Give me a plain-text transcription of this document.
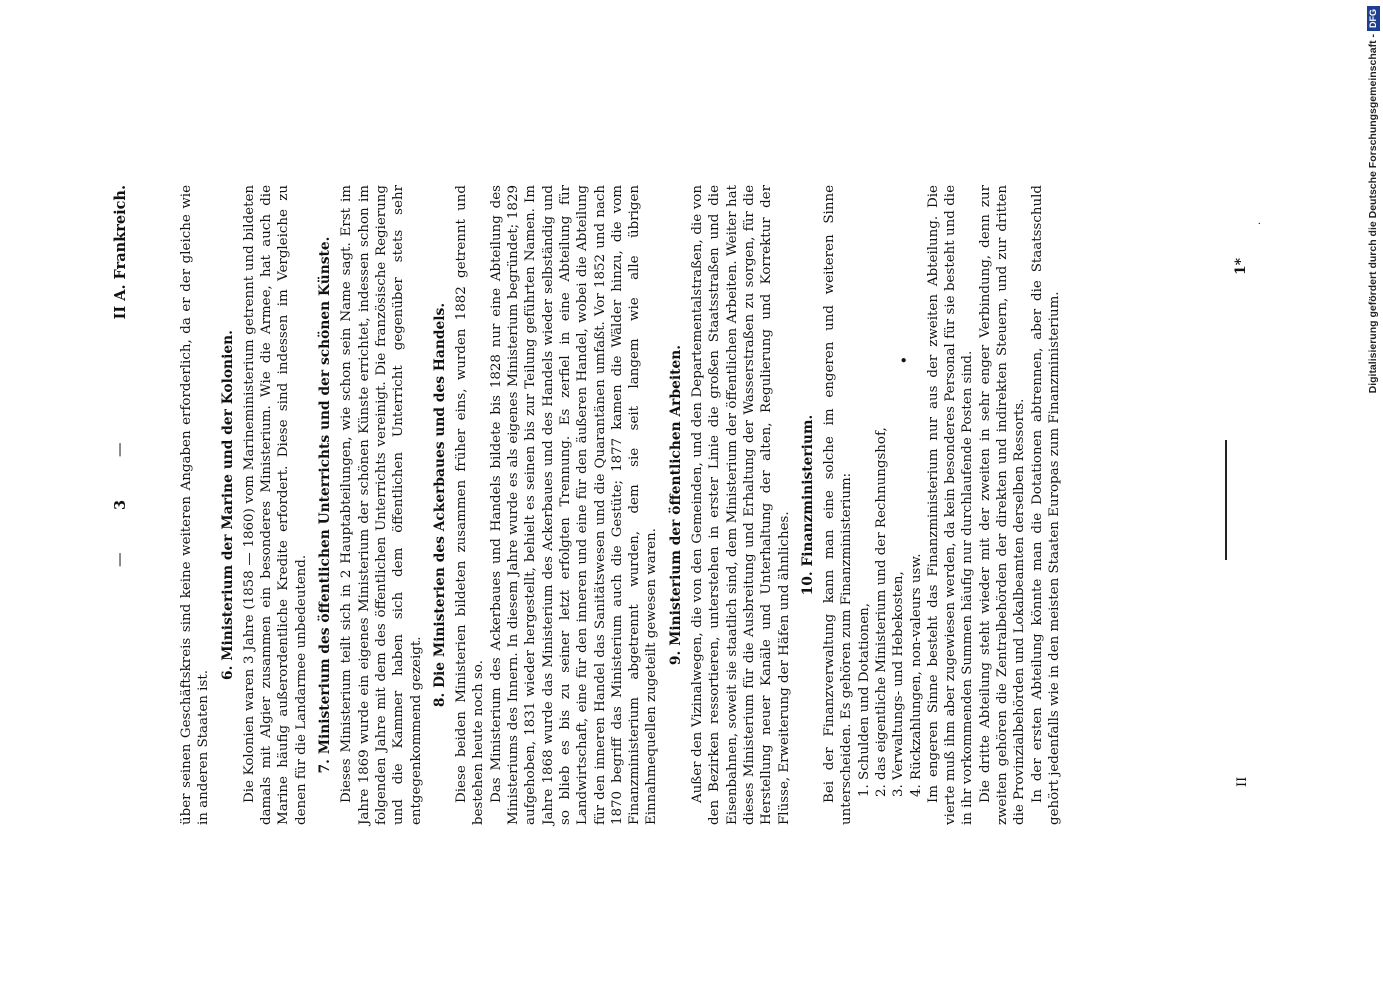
—
3
—
II A. Frankreich.	über seinen Geschäftskreis sind keine weiteren Angaben erforderlich, da er der gleiche wie in anderen Staaten ist.

6. Ministerium der Marine und der Kolonien. Die Kolonien waren 3 Jahre (1858 — 1860) vom Marineministerium getrennt und bildeten damals mit Algier zusammen ein besonderes Ministerium. Wie die Armee, hat auch die Marine häufig außerordentliche Kredite erfordert. Diese sind indessen im Vergleiche zu denen für die Landarmee unbedeutend. 7. Ministerium des öffentlichen Unterrichts und der schönen Künste. Dieses Ministerium teilt sich in 2 Hauptabteilungen, wie schon sein Name sagt. Erst im Jahre 1869 wurde ein eigenes Ministerium der schönen Künste errichtet, indessen schon im folgenden Jahre mit dem des öffentlichen Unterrichts vereinigt. Die französische Regierung und die Kammer haben sich dem öffentlichen Unterricht gegenüber stets sehr entgegenkommend gezeigt.

8. Die Ministerien des Ackerbaues und des Handels. Diese beiden Ministerien bildeten zusammen früher eins, wurden 1882 getrennt und bestehen heute noch so. Das Ministerium des Ackerbaues und Handels bildete bis 1828 nur eine Abteilung des Ministeriums des Innern. In diesem Jahre wurde es als eigenes Ministerium begründet; 1829 aufgehoben, 1831 wieder hergestellt, behielt es seinen bis zur Teilung geführten Namen. Im Jahre 1868 wurde das Ministerium des Ackerbaues und des Handels wieder selbständig und so blieb es bis zu seiner letzt erfolgten Trennung. Es zerfiel in eine Abteilung für Landwirtschaft, eine für den inneren und eine für den äußeren Handel, wobei die Abteilung für den inneren Handel das Sanitätswesen und die Quarantänen umfaßt. Vor 1852 und nach 1870 begriff das Ministerium auch die Gestüte; 1877 kamen die Wälder hinzu, die vom Finanzministerium abgetrennt wurden, dem sie seit langem wie alle übrigen Einnahmequellen zugeteilt gewesen waren.

9. Ministerium der öffentlichen Arbeiten. Außer den Vizinalwegen, die von den Gemeinden, und den Departementalstraßen, die von den Bezirken ressortieren, unterstehen in erster Linie die großen Staatsstraßen und die Eisenbahnen, soweit sie staatlich sind, dem Ministerium der öffentlichen Arbeiten. Weiter hat dieses Ministerium für die Ausbreitung und Erhaltung der Wasserstraßen zu sorgen, für die Herstellung neuer Kanäle und Unterhaltung der alten, Regulierung und Korrektur der Flüsse, Erweiterung der Häfen und ähnliches.

10. Finanzministerium. Bei der Finanzverwaltung kann man eine solche im engeren und weiteren Sinne unterscheiden. Es gehören zum Finanzministerium: 1. Schulden und Dotationen, 2. das eigentliche Ministerium und der Rechnungshof, 3. Verwaltungs- und Hebekosten, 4. Rückzahlungen, non-valeurs usw. Im engeren Sinne besteht das Finanzministerium nur aus der zweiten Abteilung. Die vierte muß ihm aber zugewiesen werden, da kein besonderes Personal für sie besteht und die in ihr vorkommenden Summen häufig nur durchlaufende Posten sind. Die dritte Abteilung steht wieder mit der zweiten in sehr enger Verbindung, denn zur zweiten gehören die Zentralbehörden der direkten und indirekten Steuern, und zur dritten die Provinzialbehörden und Lokalbeamten derselben Ressorts. In der ersten Abteilung könnte man die Dotationen abtrennen, aber die Staatsschuld gehört jedenfalls wie in den meisten Staaten Europas zum Finanzministerium.

•
II
1*
.	Digitalisierung gefördert durch die Deutsche Forschungsgemeinschaft -DFG
